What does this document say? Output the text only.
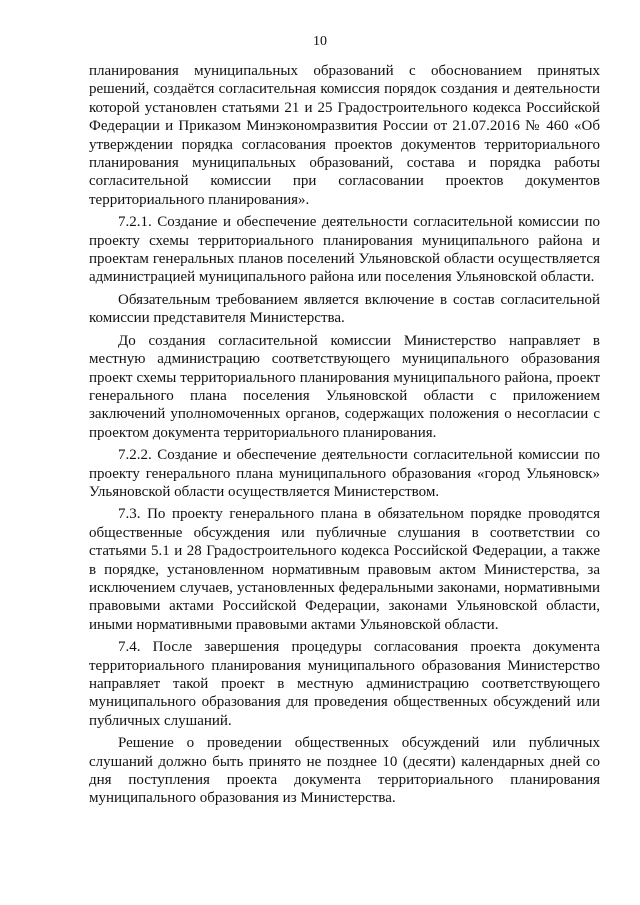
10

планирования муниципальных образований с обоснованием принятых решений, создаётся согласительная комиссия порядок создания и деятельности которой установлен статьями 21 и 25 Градостроительного кодекса Российской Федерации и Приказом Минэкономразвития России от 21.07.2016 № 460 «Об утверждении порядка согласования проектов документов территориального планирования муниципальных образований, состава и порядка работы согласительной комиссии при согласовании проектов документов территориального планирования».

7.2.1. Создание и обеспечение деятельности согласительной комиссии по проекту схемы территориального планирования муниципального района и проектам генеральных планов поселений Ульяновской области осуществляется администрацией муниципального района или поселения Ульяновской области.

Обязательным требованием является включение в состав согласительной комиссии представителя Министерства.

До создания согласительной комиссии Министерство направляет в местную администрацию соответствующего муниципального образования проект схемы территориального планирования муниципального района, проект генерального плана поселения Ульяновской области с приложением заключений уполномоченных органов, содержащих положения о несогласии с проектом документа территориального планирования.

7.2.2. Создание и обеспечение деятельности согласительной комиссии по проекту генерального плана муниципального образования «город Ульяновск» Ульяновской области осуществляется Министерством.

7.3. По проекту генерального плана в обязательном порядке проводятся общественные обсуждения или публичные слушания в соответствии со статьями 5.1 и 28 Градостроительного кодекса Российской Федерации, а также в порядке, установленном нормативным правовым актом Министерства, за исключением случаев, установленных федеральными законами, нормативными правовыми актами Российской Федерации, законами Ульяновской области, иными нормативными правовыми актами Ульяновской области.

7.4. После завершения процедуры согласования проекта документа территориального планирования муниципального образования Министерство направляет такой проект в местную администрацию соответствующего муниципального образования для проведения общественных обсуждений или публичных слушаний.

Решение о проведении общественных обсуждений или публичных слушаний должно быть принято не позднее 10 (десяти) календарных дней со дня поступления проекта документа территориального планирования муниципального образования из Министерства.
